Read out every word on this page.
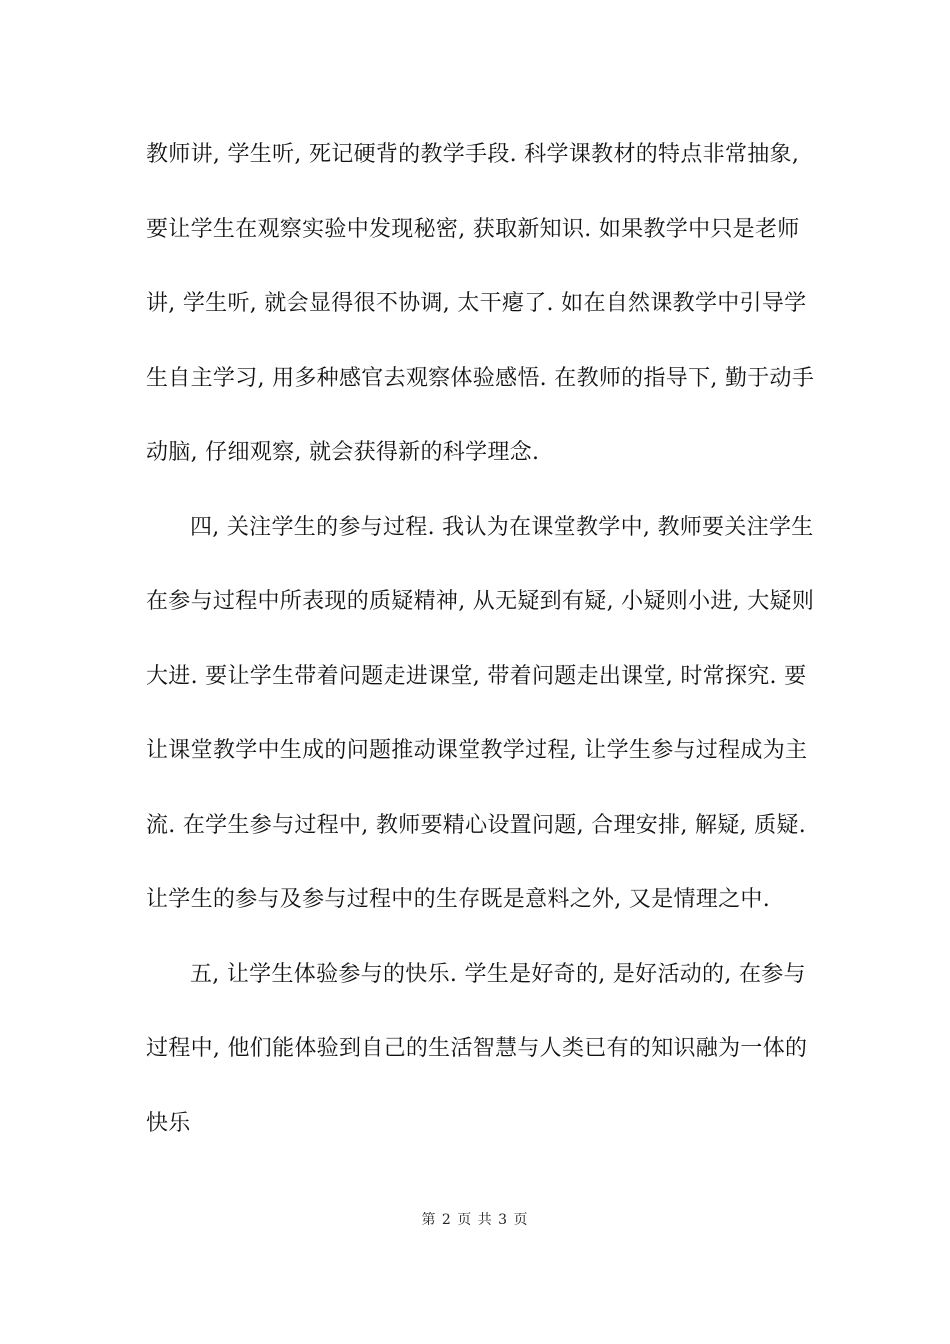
教师讲, 学生听, 死记硬背的教学手段. 科学课教材的特点非常抽象,
要让学生在观察实验中发现秘密, 获取新知识. 如果教学中只是老师
讲, 学生听, 就会显得很不协调, 太干瘪了. 如在自然课教学中引导学
生自主学习, 用多种感官去观察体验感悟. 在教师的指导下, 勤于动手
动脑, 仔细观察, 就会获得新的科学理念.
四, 关注学生的参与过程. 我认为在课堂教学中, 教师要关注学生
在参与过程中所表现的质疑精神, 从无疑到有疑, 小疑则小进, 大疑则
大进. 要让学生带着问题走进课堂, 带着问题走出课堂, 时常探究. 要
让课堂教学中生成的问题推动课堂教学过程, 让学生参与过程成为主
流. 在学生参与过程中, 教师要精心设置问题, 合理安排, 解疑, 质疑.
让学生的参与及参与过程中的生存既是意料之外, 又是情理之中.
五, 让学生体验参与的快乐. 学生是好奇的, 是好活动的, 在参与
过程中, 他们能体验到自己的生活智慧与人类已有的知识融为一体的
快乐
第 2 页 共 3 页
